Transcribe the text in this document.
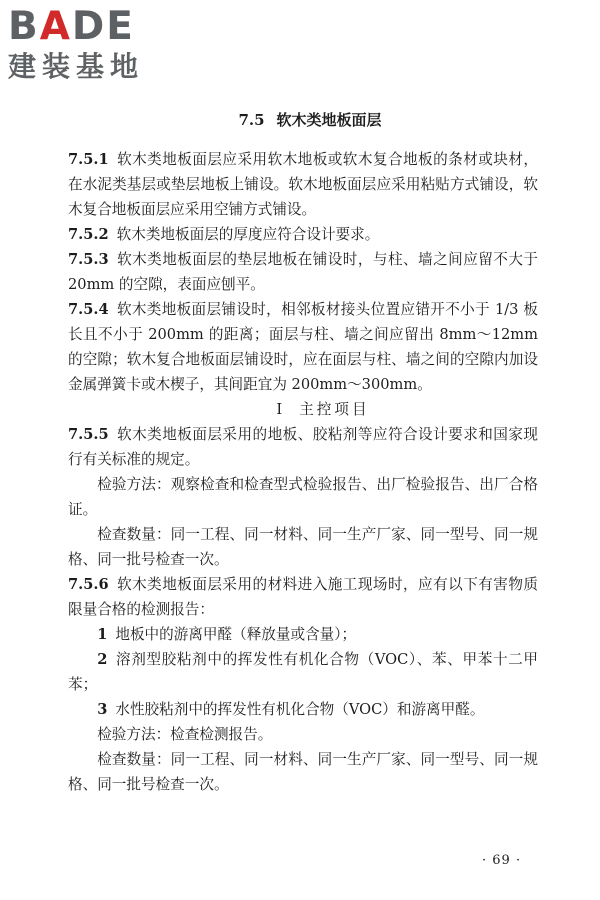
BADE
建装基地

7.5 软木类地板面层

7.5.1 软木类地板面层应采用软木地板或软木复合地板的条材或块材，在水泥类基层或垫层地板上铺设。软木地板面层应采用粘贴方式铺设，软木复合地板面层应采用空铺方式铺设。

7.5.2 软木类地板面层的厚度应符合设计要求。

7.5.3 软木类地板面层的垫层地板在铺设时，与柱、墙之间应留不大于 20mm 的空隙，表面应刨平。

7.5.4 软木类地板面层铺设时，相邻板材接头位置应错开不小于 1/3 板长且不小于 200mm 的距离；面层与柱、墙之间应留出 8mm～12mm 的空隙；软木复合地板面层铺设时，应在面层与柱、墙之间的空隙内加设金属弹簧卡或木楔子，其间距宜为 200mm～300mm。

Ⅰ 主控项目

7.5.5 软木类地板面层采用的地板、胶粘剂等应符合设计要求和国家现行有关标准的规定。

检验方法：观察检查和检查型式检验报告、出厂检验报告、出厂合格证。

检查数量：同一工程、同一材料、同一生产厂家、同一型号、同一规格、同一批号检查一次。

7.5.6 软木类地板面层采用的材料进入施工现场时，应有以下有害物质限量合格的检测报告：

1 地板中的游离甲醛（释放量或含量）；

2 溶剂型胶粘剂中的挥发性有机化合物（VOC）、苯、甲苯十二甲苯；

3 水性胶粘剂中的挥发性有机化合物（VOC）和游离甲醛。

检验方法：检查检测报告。

检查数量：同一工程、同一材料、同一生产厂家、同一型号、同一规格、同一批号检查一次。

· 69 ·
